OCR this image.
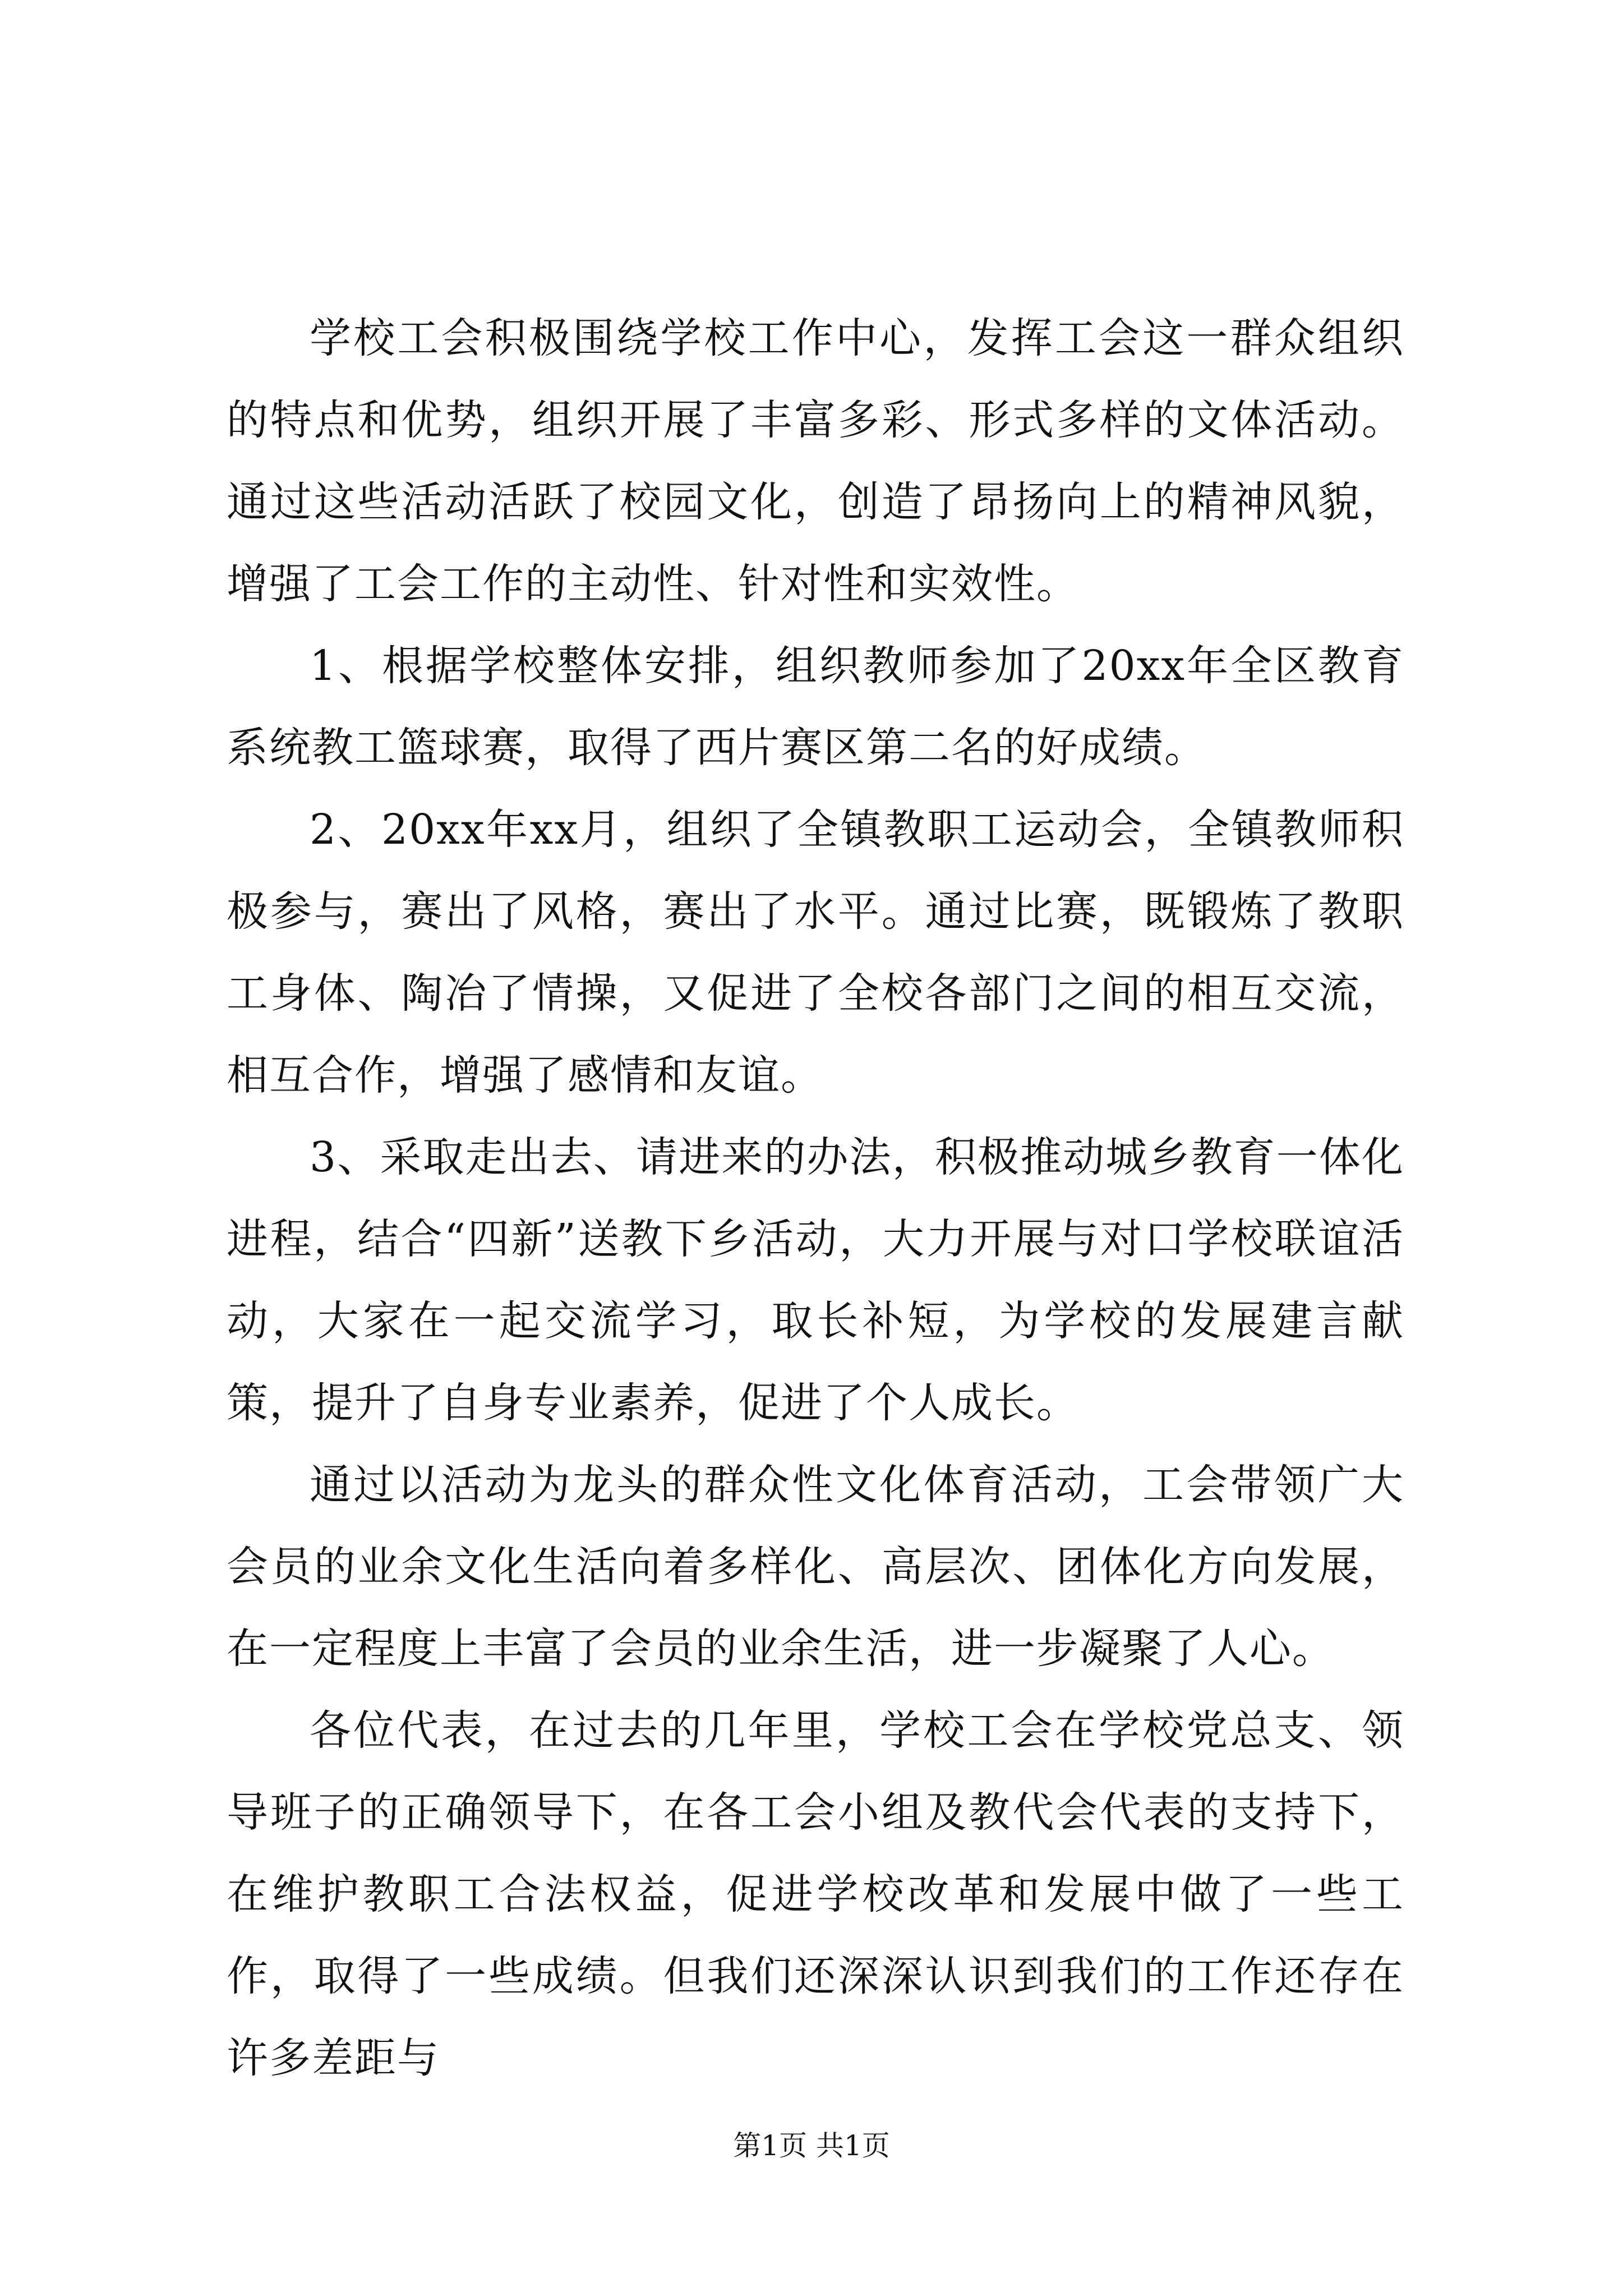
学校工会积极围绕学校工作中心，发挥工会这一群众组织的特点和优势，组织开展了丰富多彩、形式多样的文体活动。通过这些活动活跃了校园文化，创造了昂扬向上的精神风貌，增强了工会工作的主动性、针对性和实效性。

1、根据学校整体安排，组织教师参加了20xx年全区教育系统教工篮球赛，取得了西片赛区第二名的好成绩。

2、20xx年xx月，组织了全镇教职工运动会，全镇教师积极参与，赛出了风格，赛出了水平。通过比赛，既锻炼了教职工身体、陶冶了情操，又促进了全校各部门之间的相互交流，相互合作，增强了感情和友谊。

3、采取走出去、请进来的办法，积极推动城乡教育一体化进程，结合“四新”送教下乡活动，大力开展与对口学校联谊活动，大家在一起交流学习，取长补短，为学校的发展建言献策，提升了自身专业素养，促进了个人成长。

通过以活动为龙头的群众性文化体育活动，工会带领广大会员的业余文化生活向着多样化、高层次、团体化方向发展，在一定程度上丰富了会员的业余生活，进一步凝聚了人心。

各位代表，在过去的几年里，学校工会在学校党总支、领导班子的正确领导下，在各工会小组及教代会代表的支持下，在维护教职工合法权益，促进学校改革和发展中做了一些工作，取得了一些成绩。但我们还深深认识到我们的工作还存在许多差距与

第1页 共1页
